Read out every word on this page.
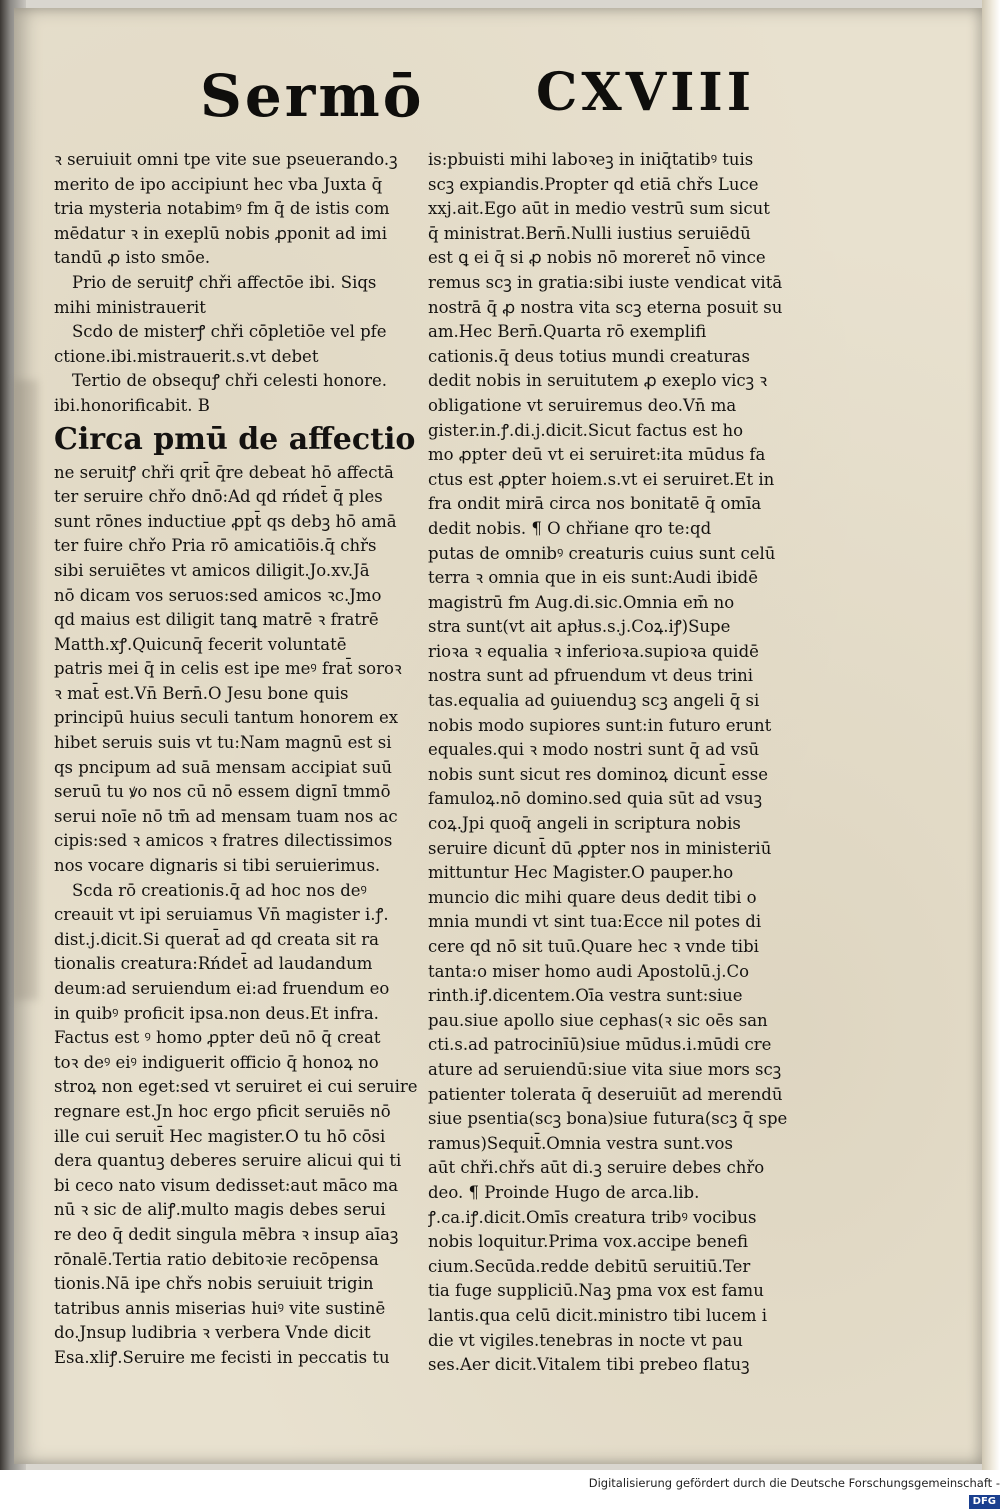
Sermō CXVIII
ꝛ seruiuit omni tpe vite sue pseuerando.ꝫ
merito de ipo accipiunt hec vba Juxta q̄
tria mysteria notabimꝰ fm q̄ de istis com
mēdatur ꝛ in exeplū nobis ꝓponit ad imi
tandū ꝓ isto smōe.
Prio de seruitꝭ chři affectōe ibi. Siqs
mihi ministrauerit
Scdo de misterꝭ chři cōpletiōe vel pfe
ctione.ibi.mistrauerit.s.vt debet
Tertio de obsequꝭ chři celesti honore.
ibi.honorificabit. B
Circa pmū de affectio
ne seruitꝭ chři qrit̄ q̄re debeat hō affectā
ter seruire chřo dnō:Ad qd rńdet̄ q̄ ples
sunt rōnes inductiue ꝓpt̄ qs debꝫ hō amā
ter fuire chřo Pria rō amicatiōis.q̄ chřs
sibi seruiētes vt amicos diligit.Jo.xv.Jā
nō dicam vos seruos:sed amicos ꝛc.Jmo
qd maius est diligit tanꝗ matrē ꝛ fratrē
Matth.xꝭ.Quicunq̄ fecerit voluntatē
patris mei q̄ in celis est ipe meꝰ frat̄ soroꝛ
ꝛ mat̄ est.Vn̄ Bern̄.O Jesu bone quis
principū huius seculi tantum honorem ex
hibet seruis suis vt tu:Nam magnū est si
qs pncipum ad suā mensam accipiat suū
seruū tu ꝟo nos cū nō essem dignī tmmō
serui noīe nō tm̄ ad mensam tuam nos ac
cipis:sed ꝛ amicos ꝛ fratres dilectissimos
nos vocare dignaris si tibi seruierimus.
Scda rō creationis.q̄ ad hoc nos deꝰ
creauit vt ipi seruiamus Vn̄ magister i.ꝭ.
dist.j.dicit.Si querat̄ ad qd creata sit ra
tionalis creatura:Rńdet̄ ad laudandum
deum:ad seruiendum ei:ad fruendum eo
in quibꝰ proficit ipsa.non deus.Et infra.
Factus est ꝰ homo ꝓpter deū nō q̄ creat
toꝛ deꝰ eiꝰ indiguerit officio q̄ honoꝝ no
stroꝝ non eget:sed vt seruiret ei cui seruire
regnare est.Jn hoc ergo pficit seruiēs nō
ille cui seruit̄ Hec magister.O tu hō cōsi
dera quantuꝫ deberes seruire alicui qui ti
bi ceco nato visum dedisset:aut māco ma
nū ꝛ sic de aliꝭ.multo magis debes serui
re deo q̄ dedit singula mēbra ꝛ insup aīaꝫ
rōnalē.Tertia ratio debitoꝛie recōpensa
tionis.Nā ipe chřs nobis seruiuit trigin
tatribus annis miserias huiꝰ vite sustinē
do.Jnsup ludibria ꝛ verbera Vnde dicit
Esa.xliꝭ.Seruire me fecisti in peccatis tu
is:pbuisti mihi laboꝛeꝫ in iniq̄tatibꝰ tuis
scꝫ expiandis.Propter qd etiā chřs Luce
xxj.ait.Ego aūt in medio vestrū sum sicut
q̄ ministrat.Bern̄.Nulli iustius seruiēdū
est ꝗ ei q̄ si ꝓ nobis nō moreret̄ nō vince
remus scꝫ in gratia:sibi iuste vendicat vitā
nostrā q̄ ꝓ nostra vita scꝫ eterna posuit su
am.Hec Bern̄.Quarta rō exemplifi
cationis.q̄ deus totius mundi creaturas
dedit nobis in seruitutem ꝓ exeplo vicꝫ ꝛ
obligatione vt seruiremus deo.Vn̄ ma
gister.in.ꝭ.di.j.dicit.Sicut factus est ho
mo ꝓpter deū vt ei seruiret:ita mūdus fa
ctus est ꝓpter hoiem.s.vt ei seruiret.Et in
fra ondit mirā circa nos bonitatē q̄ omīa
dedit nobis. ¶ O chřiane qro te:qd
putas de omnibꝰ creaturis cuius sunt celū
terra ꝛ omnia que in eis sunt:Audi ibidē
magistrū fm Aug.di.sic.Omnia em̄ no
stra sunt(vt ait apłus.s.j.Coꝝ.iꝭ)Supe
rioꝛa ꝛ equalia ꝛ inferioꝛa.supioꝛa quidē
nostra sunt ad pfruendum vt deus trini
tas.equalia ad ꝯuiuenduꝫ scꝫ angeli q̄ si
nobis modo supiores sunt:in futuro erunt
equales.qui ꝛ modo nostri sunt q̄ ad vsū
nobis sunt sicut res dominoꝝ dicunt̄ esse
famuloꝝ.nō domino.sed quia sūt ad vsuꝫ
coꝝ.Jpi quoq̄ angeli in scriptura nobis
seruire dicunt̄ dū ꝓpter nos in ministeriū
mittuntur Hec Magister.O pauper.ho
muncio dic mihi quare deus dedit tibi o
mnia mundi vt sint tua:Ecce nil potes di
cere qd nō sit tuū.Quare hec ꝛ vnde tibi
tanta:o miser homo audi Apostolū.j.Co
rinth.iꝭ.dicentem.Oīa vestra sunt:siue
pau.siue apollo siue cephas(ꝛ sic oēs san
cti.s.ad patrocinīū)siue mūdus.i.mūdi cre
ature ad seruiendū:siue vita siue mors scꝫ
patienter tolerata q̄ deseruiūt ad merendū
siue psentia(scꝫ bona)siue futura(scꝫ q̄ spe
ramus)Sequit̄.Omnia vestra sunt.vos
aūt chři.chřs aūt di.ꝫ seruire debes chřo
deo. ¶ Proinde Hugo de arca.lib.
ꝭ.ca.iꝭ.dicit.Omīs creatura tribꝰ vocibus
nobis loquitur.Prima vox.accipe benefi
cium.Secūda.redde debitū seruitiū.Ter
tia fuge suppliciū.Naꝫ pma vox est famu
lantis.qua celū dicit.ministro tibi lucem i
die vt vigiles.tenebras in nocte vt pau
ses.Aer dicit.Vitalem tibi prebeo flatuꝫ
Digitalisierung gefördert durch die Deutsche Forschungsgemeinschaft -DFG
